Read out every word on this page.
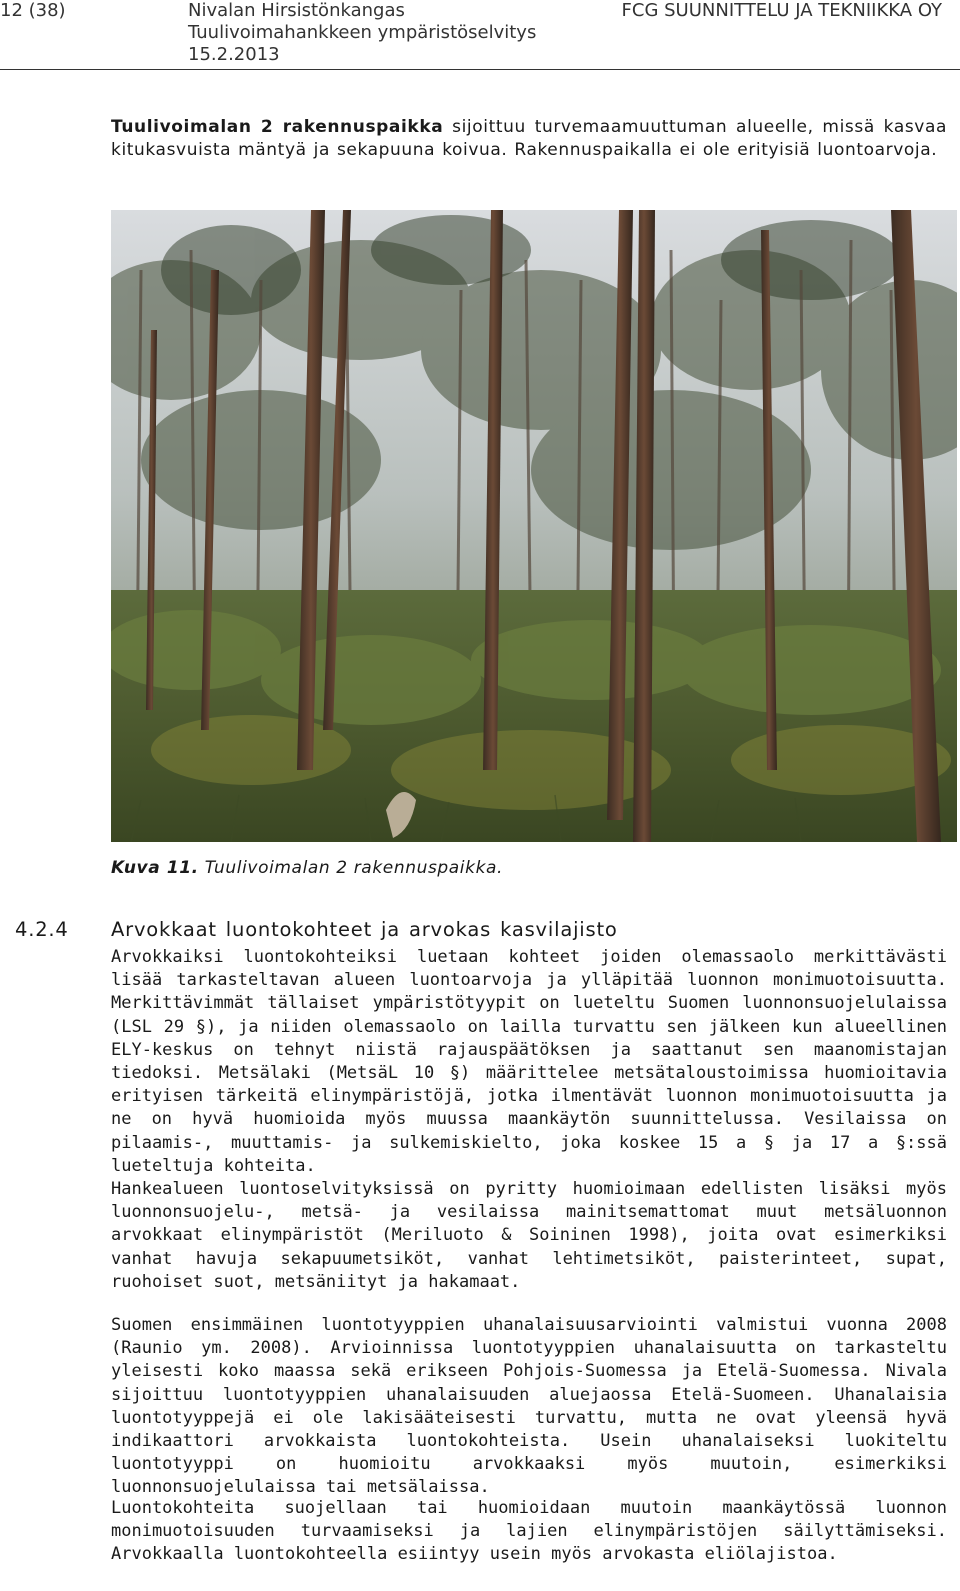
12 (38)	Nivalan Hirsistönkangas
Tuulivoimahankkeen ympäristöselvitys
15.2.2013
FCG SUUNNITTELU JA TEKNIIKKA OY
Tuulivoimalan 2 rakennuspaikka sijoittuu turvemaamuuttuman alueelle, missä kasvaa kitukasvuista mäntyä ja sekapuuna koivua. Rakennuspaikalla ei ole erityisiä luontoarvoja.
Kuva 11. Tuulivoimalan 2 rakennuspaikka.
4.2.4 Arvokkaat luontokohteet ja arvokas kasvilajisto
Arvokkaiksi luontokohteiksi luetaan kohteet joiden olemassaolo merkittävästi lisää tarkasteltavan alueen luontoarvoja ja ylläpitää luonnon monimuotoisuutta. Merkittävimmät tällaiset ympäristötyypit on lueteltu Suomen luonnonsuojelulaissa (LSL 29 §), ja niiden olemassaolo on lailla turvattu sen jälkeen kun alueellinen ELY-keskus on tehnyt niistä rajauspäätöksen ja saattanut sen maanomistajan tiedoksi. Metsälaki (MetsäL 10 §) määrittelee metsätaloustoimissa huomioitavia erityisen tärkeitä elinympäristöjä, jotka ilmentävät luonnon monimuotoisuutta ja ne on hyvä huomioida myös muussa maankäytön suunnittelussa. Vesilaissa on pilaamis-, muuttamis- ja sulkemiskielto, joka koskee 15 a § ja 17 a §:ssä lueteltuja kohteita.
Hankealueen luontoselvityksissä on pyritty huomioimaan edellisten lisäksi myös luonnonsuojelu-, metsä- ja vesilaissa mainitsemattomat muut metsäluonnon arvokkaat elinympäristöt (Meriluoto & Soininen 1998), joita ovat esimerkiksi vanhat havuja sekapuumetsiköt, vanhat lehtimetsiköt, paisterinteet, supat, ruohoiset suot, metsäniityt ja hakamaat.
Suomen ensimmäinen luontotyyppien uhanalaisuusarviointi valmistui vuonna 2008 (Raunio ym. 2008). Arvioinnissa luontotyyppien uhanalaisuutta on tarkasteltu yleisesti koko maassa sekä erikseen Pohjois-Suomessa ja Etelä-Suomessa. Nivala sijoittuu luontotyyppien uhanalaisuuden aluejaossa Etelä-Suomeen. Uhanalaisia luontotyyppejä ei ole lakisääteisesti turvattu, mutta ne ovat yleensä hyvä indikaattori arvokkaista luontokohteista. Usein uhanalaiseksi luokiteltu luontotyyppi on huomioitu arvokkaaksi myös muutoin, esimerkiksi luonnonsuojelulaissa tai metsälaissa.
Luontokohteita suojellaan tai huomioidaan muutoin maankäytössä luonnon monimuotoisuuden turvaamiseksi ja lajien elinympäristöjen säilyttämiseksi. Arvokkaalla luontokohteella esiintyy usein myös arvokasta eliölajistoa.
